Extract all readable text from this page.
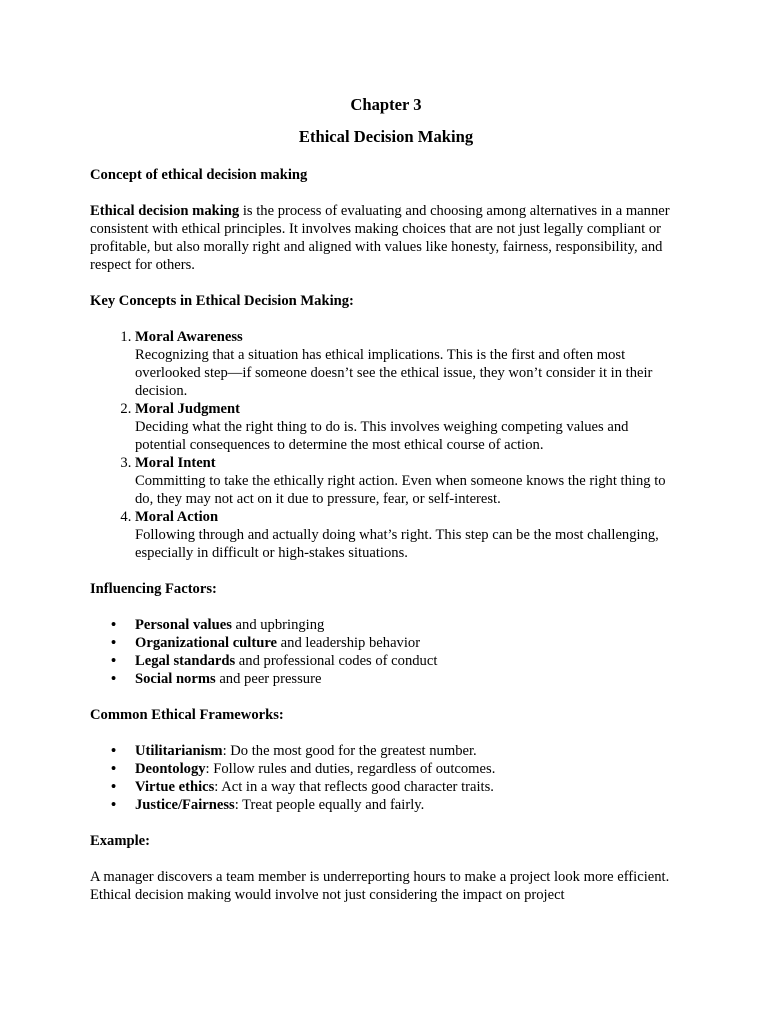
Chapter 3
Ethical Decision Making

Concept of ethical decision making

Ethical decision making is the process of evaluating and choosing among alternatives in a manner consistent with ethical principles. It involves making choices that are not just legally compliant or profitable, but also morally right and aligned with values like honesty, fairness, responsibility, and respect for others.

Key Concepts in Ethical Decision Making:

1. Moral Awareness
Recognizing that a situation has ethical implications. This is the first and often most overlooked step—if someone doesn’t see the ethical issue, they won’t consider it in their decision.
2. Moral Judgment
Deciding what the right thing to do is. This involves weighing competing values and potential consequences to determine the most ethical course of action.
3. Moral Intent
Committing to take the ethically right action. Even when someone knows the right thing to do, they may not act on it due to pressure, fear, or self-interest.
4. Moral Action
Following through and actually doing what’s right. This step can be the most challenging, especially in difficult or high-stakes situations.

Influencing Factors:

• Personal values and upbringing
• Organizational culture and leadership behavior
• Legal standards and professional codes of conduct
• Social norms and peer pressure

Common Ethical Frameworks:

• Utilitarianism: Do the most good for the greatest number.
• Deontology: Follow rules and duties, regardless of outcomes.
• Virtue ethics: Act in a way that reflects good character traits.
• Justice/Fairness: Treat people equally and fairly.

Example:

A manager discovers a team member is underreporting hours to make a project look more efficient. Ethical decision making would involve not just considering the impact on project
